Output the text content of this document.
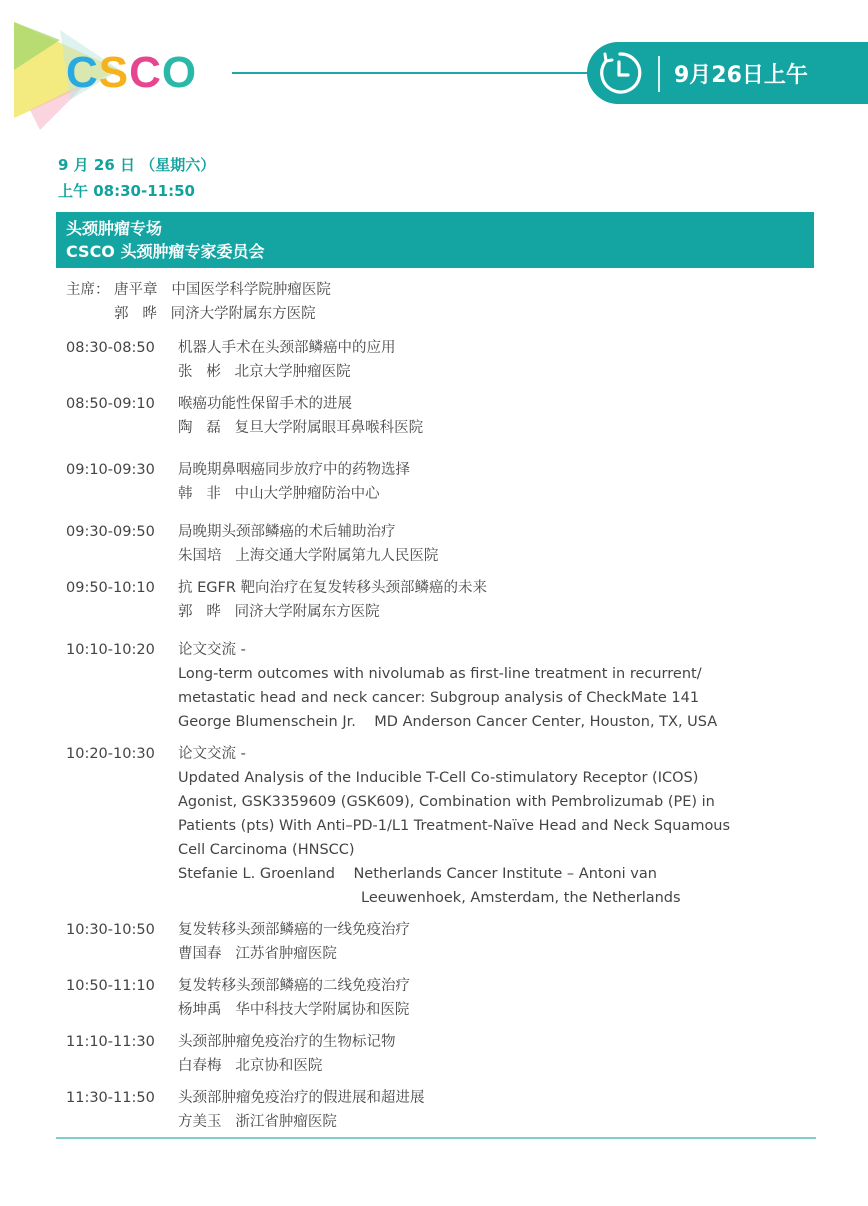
CSCO	9月26日上午
9 月 26 日 （星期六）
上午 08:30-11:50
头颈肿瘤专场
CSCO 头颈肿瘤专家委员会
主席： 唐平章   中国医学科学院肿瘤医院
郭   晔   同济大学附属东方医院
08:30-08:50	机器人手术在头颈部鳞癌中的应用
张   彬   北京大学肿瘤医院
08:50-09:10	喉癌功能性保留手术的进展
陶   磊   复旦大学附属眼耳鼻喉科医院
09:10-09:30	局晚期鼻咽癌同步放疗中的药物选择
韩   非   中山大学肿瘤防治中心
09:30-09:50	局晚期头颈部鳞癌的术后辅助治疗
朱国培   上海交通大学附属第九人民医院
09:50-10:10	抗 EGFR 靶向治疗在复发转移头颈部鳞癌的未来
郭   晔   同济大学附属东方医院
10:10-10:20	论文交流 -
Long-term outcomes with nivolumab as first-line treatment in recurrent/
metastatic head and neck cancer: Subgroup analysis of CheckMate 141
George Blumenschein Jr.    MD Anderson Cancer Center, Houston, TX, USA
10:20-10:30	论文交流 -
Updated Analysis of the Inducible T-Cell Co-stimulatory Receptor (ICOS)
Agonist, GSK3359609 (GSK609), Combination with Pembrolizumab (PE) in
Patients (pts) With Anti–PD-1/L1 Treatment-Naïve Head and Neck Squamous
Cell Carcinoma (HNSCC)
Stefanie L. Groenland    Netherlands Cancer Institute – Antoni van
Leeuwenhoek, Amsterdam, the Netherlands
10:30-10:50	复发转移头颈部鳞癌的一线免疫治疗
曹国春   江苏省肿瘤医院
10:50-11:10	复发转移头颈部鳞癌的二线免疫治疗
杨坤禹   华中科技大学附属协和医院
11:10-11:30	头颈部肿瘤免疫治疗的生物标记物
白春梅   北京协和医院
11:30-11:50	头颈部肿瘤免疫治疗的假进展和超进展
方美玉   浙江省肿瘤医院
